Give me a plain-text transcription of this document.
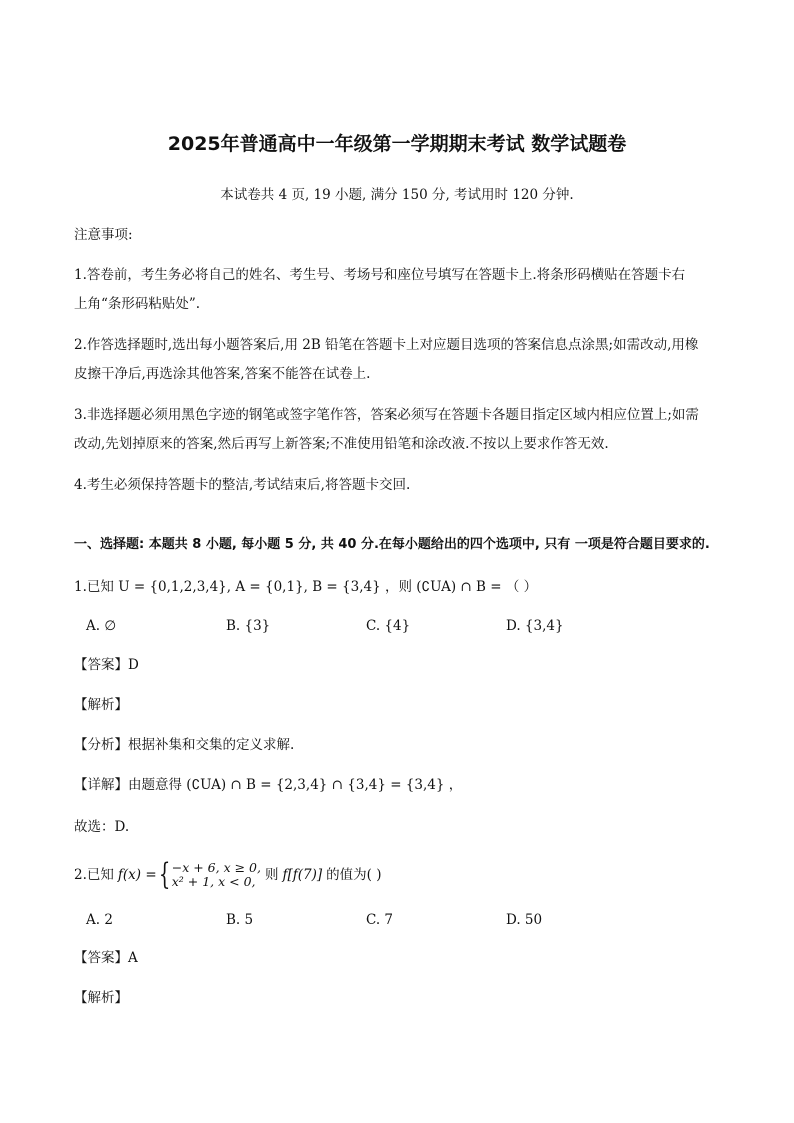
2025年普通高中一年级第一学期期末考试 数学试题卷
本试卷共 4 页, 19 小题, 满分 150 分, 考试用时 120 分钟.
注意事项:
1.答卷前，考生务必将自己的姓名、考生号、考场号和座位号填写在答题卡上.将条形码横贴在答题卡右
上角“条形码粘贴处”.
2.作答选择题时,选出每小题答案后,用 2B 铅笔在答题卡上对应题目选项的答案信息点涂黑;如需改动,用橡
皮擦干净后,再选涂其他答案,答案不能答在试卷上.
3.非选择题必须用黑色字迹的钢笔或签字笔作答，答案必须写在答题卡各题目指定区域内相应位置上;如需
改动,先划掉原来的答案,然后再写上新答案;不准使用铅笔和涂改液.不按以上要求作答无效.
4.考生必须保持答题卡的整洁,考试结束后,将答题卡交回.
一、选择题: 本题共 8 小题, 每小题 5 分, 共 40 分.在每小题给出的四个选项中, 只有 一项是符合题目要求的.
1.已知 U = {0,1,2,3,4}, A = {0,1}, B = {3,4} ，则 (∁UA) ∩ B = （ ）
A. ∅	B. {3}	C. {4}	D. {3,4}
【答案】D
【解析】
【分析】根据补集和交集的定义求解.
【详解】由题意得 (∁UA) ∩ B = {2,3,4} ∩ {3,4} = {3,4} ，
故选：D.
2.已知 f(x) = { −x + 6, x ≥ 0,
x² + 1, x < 0, 则 f[f(7)] 的值为( )
A. 2	B. 5	C. 7	D. 50
【答案】A
【解析】
